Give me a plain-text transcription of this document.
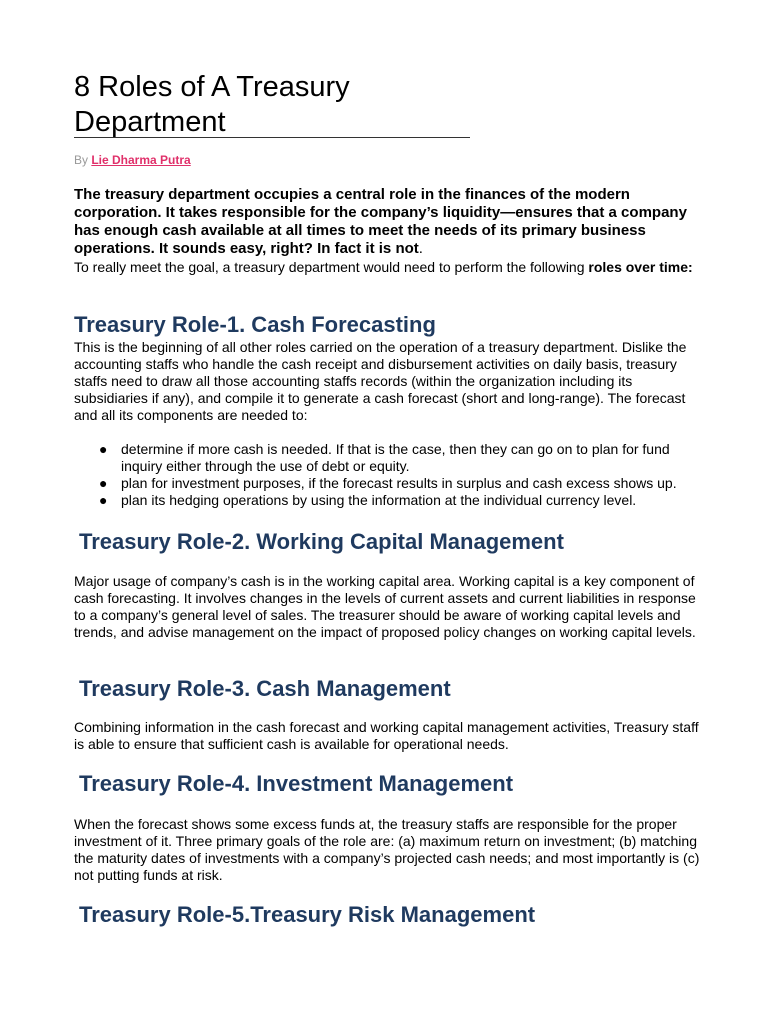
8 Roles of A Treasury Department
By Lie Dharma Putra

The treasury department occupies a central role in the finances of the modern corporation. It takes responsible for the company’s liquidity—ensures that a company has enough cash available at all times to meet the needs of its primary business operations. It sounds easy, right? In fact it is not.

To really meet the goal, a treasury department would need to perform the following roles over time:

Treasury Role-1. Cash Forecasting

This is the beginning of all other roles carried on the operation of a treasury department. Dislike the accounting staffs who handle the cash receipt and disbursement activities on daily basis, treasury staffs need to draw all those accounting staffs records (within the organization including its subsidiaries if any), and compile it to generate a cash forecast (short and long-range). The forecast and all its components are needed to:

● determine if more cash is needed. If that is the case, then they can go on to plan for fund inquiry either through the use of debt or equity.
● plan for investment purposes, if the forecast results in surplus and cash excess shows up.
● plan its hedging operations by using the information at the individual currency level.
Treasury Role-2. Working Capital Management

Major usage of company’s cash is in the working capital area. Working capital is a key component of cash forecasting. It involves changes in the levels of current assets and current liabilities in response to a company’s general level of sales. The treasurer should be aware of working capital levels and trends, and advise management on the impact of proposed policy changes on working capital levels.

Treasury Role-3. Cash Management

Combining information in the cash forecast and working capital management activities, Treasury staff is able to ensure that sufficient cash is available for operational needs.

Treasury Role-4. Investment Management

When the forecast shows some excess funds at, the treasury staffs are responsible for the proper investment of it. Three primary goals of the role are: (a) maximum return on investment; (b) matching the maturity dates of investments with a company’s projected cash needs; and most importantly is (c) not putting funds at risk.

Treasury Role-5.Treasury Risk Management
